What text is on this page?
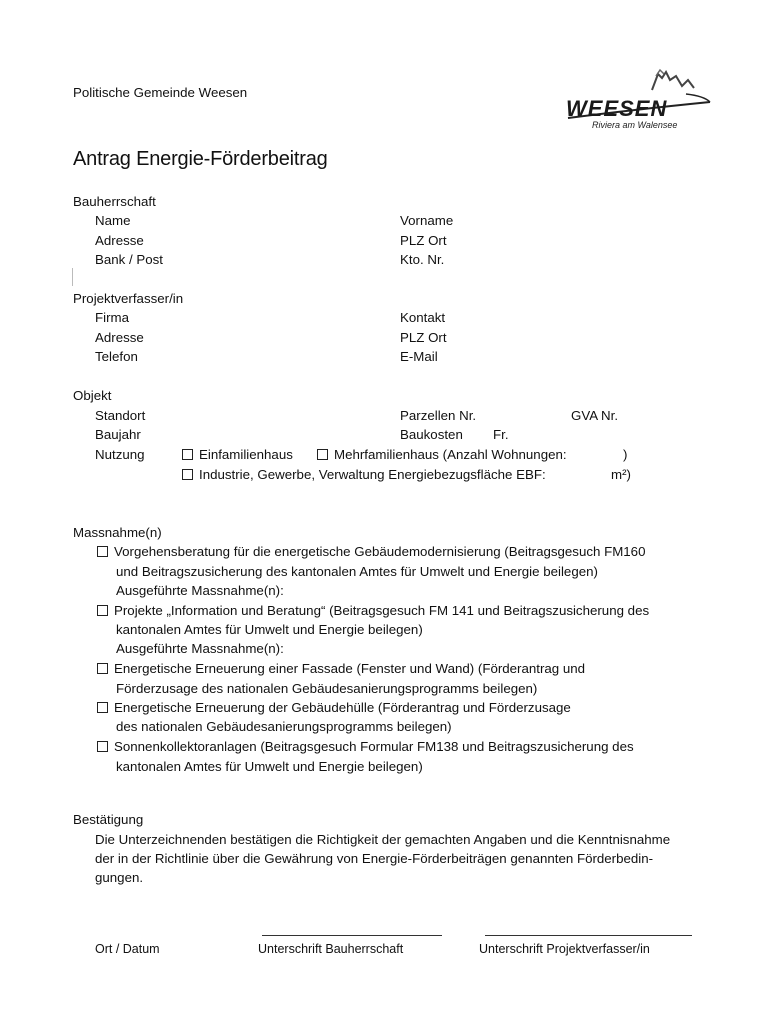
Politische Gemeinde Weesen
WEESEN
Riviera am Walensee
Antrag Energie-Förderbeitrag
Bauherrschaft
Name	Vorname
Adresse	PLZ Ort
Bank / Post	Kto. Nr.
Projektverfasser/in
Firma	Kontakt
Adresse	PLZ Ort
Telefon	E-Mail
Objekt
Standort	Parzellen Nr.	GVA Nr.
Baujahr	Baukosten Fr.
Nutzung	Einfamilienhaus	Mehrfamilienhaus (Anzahl Wohnungen:	)
Industrie, Gewerbe, Verwaltung Energiebezugsfläche EBF:	m²)
Massnahme(n)
Vorgehensberatung für die energetische Gebäudemodernisierung (Beitragsgesuch FM160
und Beitragszusicherung des kantonalen Amtes für Umwelt und Energie beilegen)
Ausgeführte Massnahme(n):
Projekte „Information und Beratung“ (Beitragsgesuch FM 141 und Beitragszusicherung des
kantonalen Amtes für Umwelt und Energie beilegen)
Ausgeführte Massnahme(n):
Energetische Erneuerung einer Fassade (Fenster und Wand) (Förderantrag und
Förderzusage des nationalen Gebäudesanierungsprogramms beilegen)
Energetische Erneuerung der Gebäudehülle (Förderantrag und Förderzusage
des nationalen Gebäudesanierungsprogramms beilegen)
Sonnenkollektoranlagen (Beitragsgesuch Formular FM138 und Beitragszusicherung des
kantonalen Amtes für Umwelt und Energie beilegen)
Bestätigung
Die Unterzeichnenden bestätigen die Richtigkeit der gemachten Angaben und die Kenntnisnahme
der in der Richtlinie über die Gewährung von Energie-Förderbeiträgen genannten Förderbedin-
gungen.
Ort / Datum	Unterschrift Bauherrschaft	Unterschrift Projektverfasser/in
